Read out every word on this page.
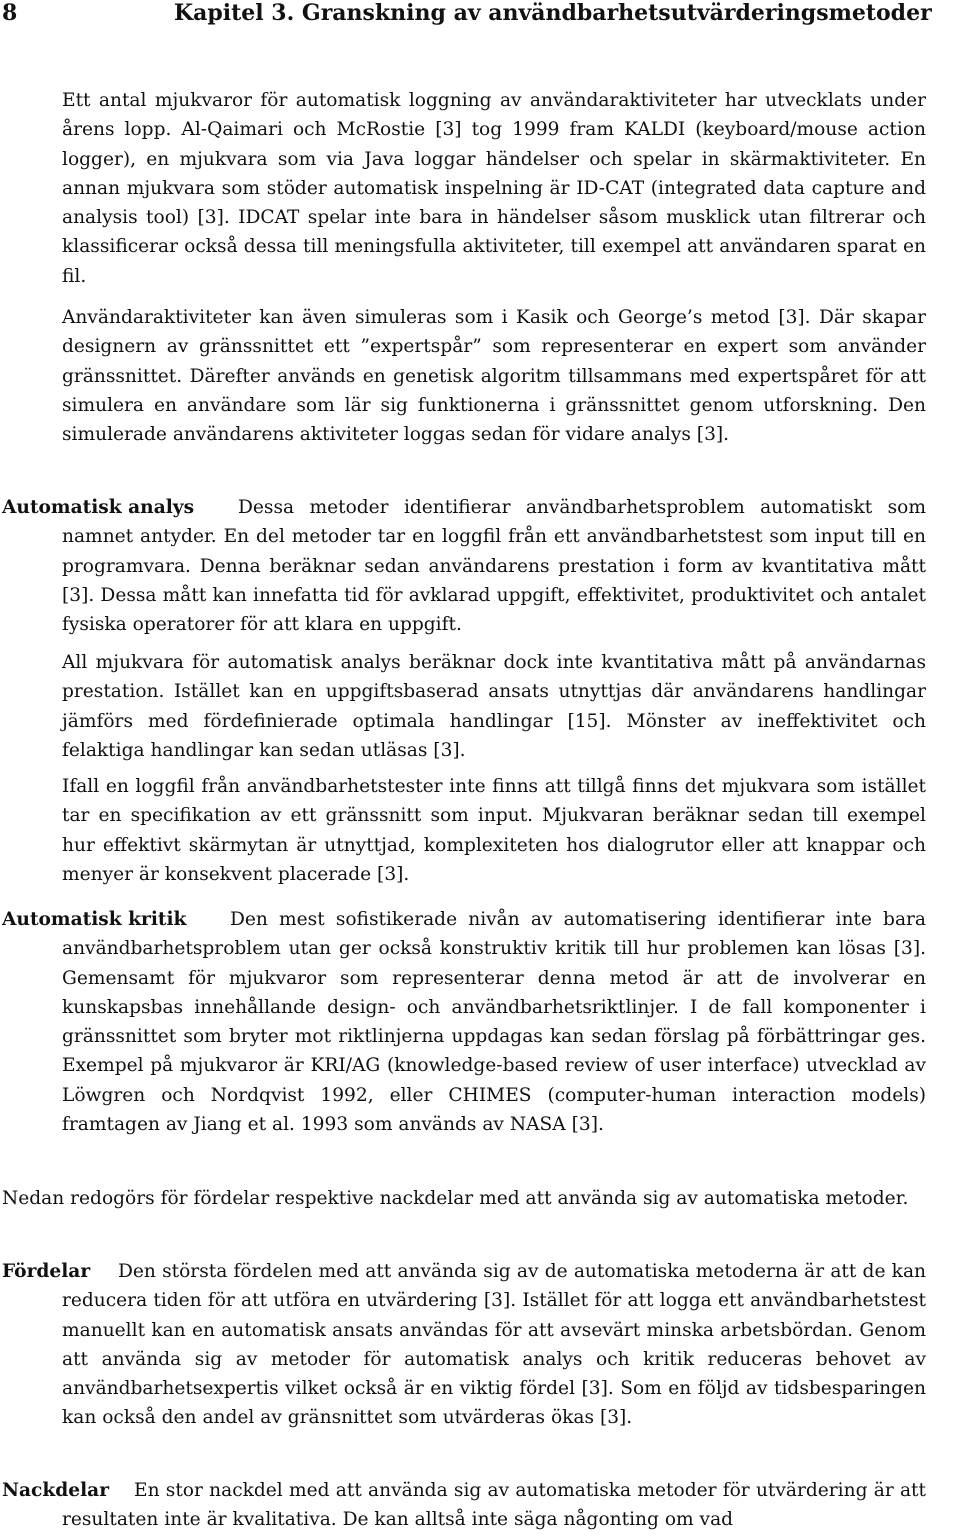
8	Kapitel 3. Granskning av användbarhetsutvärderingsmetoder

Ett antal mjukvaror för automatisk loggning av användaraktiviteter har utvecklats under årens lopp. Al-Qaimari och McRostie [3] tog 1999 fram KALDI (keyboard/mouse action logger), en mjukvara som via Java loggar händelser och spelar in skärmaktiviteter. En annan mjukvara som stöder automatisk inspelning är ID-CAT (integrated data capture and analysis tool) [3]. IDCAT spelar inte bara in händelser såsom musklick utan filtrerar och klassificerar också dessa till meningsfulla aktiviteter, till exempel att användaren sparat en fil.

Användaraktiviteter kan även simuleras som i Kasik och George’s metod [3]. Där skapar designern av gränssnittet ett ”expertspår” som representerar en expert som använder gränssnittet. Därefter används en genetisk algoritm tillsammans med expertspåret för att simulera en användare som lär sig funktionerna i gränssnittet genom utforskning. Den simulerade användarens aktiviteter loggas sedan för vidare analys [3].

Automatisk analys	Dessa metoder identifierar användbarhetsproblem automatiskt som namnet antyder. En del metoder tar en loggfil från ett användbarhetstest som input till en programvara. Denna beräknar sedan användarens prestation i form av kvantitativa mått [3]. Dessa mått kan innefatta tid för avklarad uppgift, effektivitet, produktivitet och antalet fysiska operatorer för att klara en uppgift.

All mjukvara för automatisk analys beräknar dock inte kvantitativa mått på användarnas prestation. Istället kan en uppgiftsbaserad ansats utnyttjas där användarens handlingar jämförs med fördefinierade optimala handlingar [15]. Mönster av ineffektivitet och felaktiga handlingar kan sedan utläsas [3].

Ifall en loggfil från användbarhetstester inte finns att tillgå finns det mjukvara som istället tar en specifikation av ett gränssnitt som input. Mjukvaran beräknar sedan till exempel hur effektivt skärmytan är utnyttjad, komplexiteten hos dialogrutor eller att knappar och menyer är konsekvent placerade [3].

Automatisk kritik	Den mest sofistikerade nivån av automatisering identifierar inte bara användbarhetsproblem utan ger också konstruktiv kritik till hur problemen kan lösas [3]. Gemensamt för mjukvaror som representerar denna metod är att de involverar en kunskapsbas innehållande design- och användbarhetsriktlinjer. I de fall komponenter i gränssnittet som bryter mot riktlinjerna uppdagas kan sedan förslag på förbättringar ges. Exempel på mjukvaror är KRI/AG (knowledge-based review of user interface) utvecklad av Löwgren och Nordqvist 1992, eller CHIMES (computer-human interaction models) framtagen av Jiang et al. 1993 som används av NASA [3].

Nedan redogörs för fördelar respektive nackdelar med att använda sig av automatiska metoder.

Fördelar	Den största fördelen med att använda sig av de automatiska metoderna är att de kan reducera tiden för att utföra en utvärdering [3]. Istället för att logga ett användbarhetstest manuellt kan en automatisk ansats användas för att avsevärt minska arbetsbördan. Genom att använda sig av metoder för automatisk analys och kritik reduceras behovet av användbarhetsexpertis vilket också är en viktig fördel [3]. Som en följd av tidsbesparingen kan också den andel av gränsnittet som utvärderas ökas [3].

Nackdelar	En stor nackdel med att använda sig av automatiska metoder för utvärdering är att resultaten inte är kvalitativa. De kan alltså inte säga någonting om vad
